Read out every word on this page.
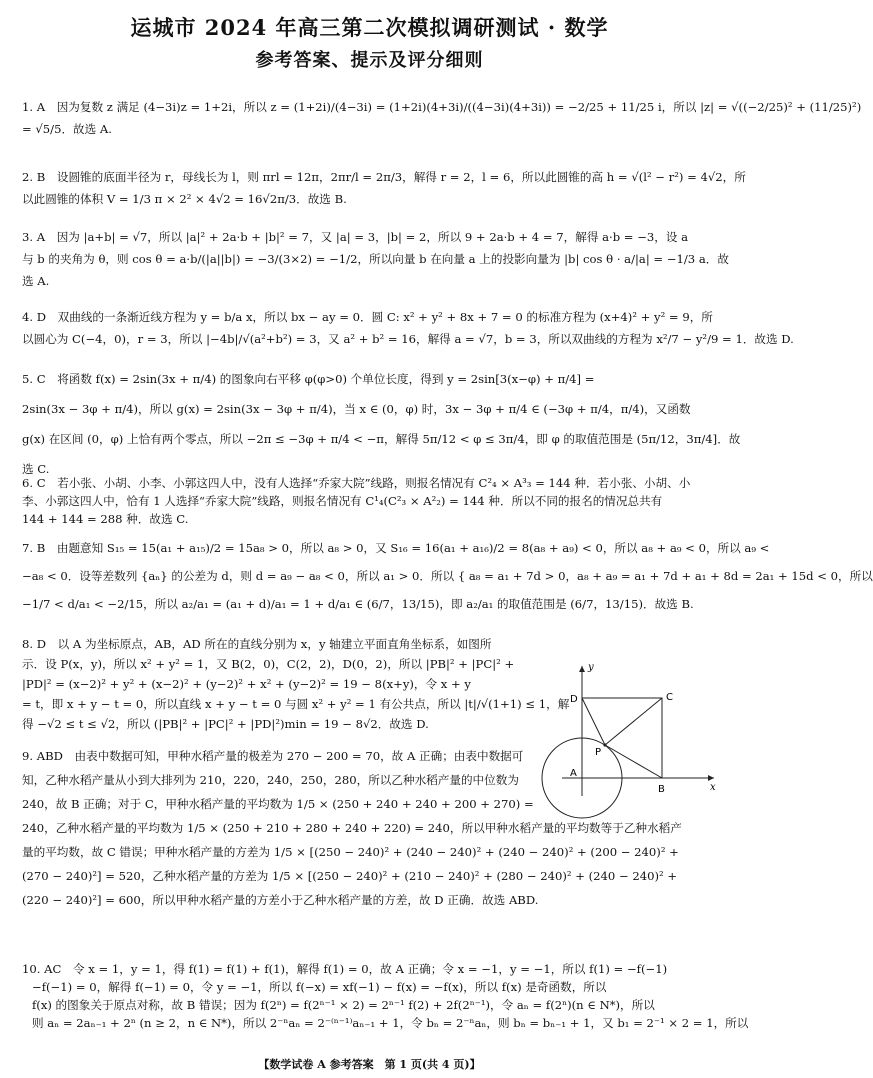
运城市 2024 年高三第二次模拟调研测试 · 数学
参考答案、提示及评分细则
1. A　因为复数 z 满足 (4−3i)z = 1+2i，所以 z = (1+2i)/(4−3i) = (1+2i)(4+3i)/((4−3i)(4+3i)) = −2/25 + 11/25 i，所以 |z| = √((−2/25)² + (11/25)²)
= √5/5．故选 A.
2. B　设圆锥的底面半径为 r，母线长为 l，则 πrl = 12π，2πr/l = 2π/3，解得 r = 2，l = 6，所以此圆锥的高 h = √(l² − r²) = 4√2，所
以此圆锥的体积 V = 1/3 π × 2² × 4√2 = 16√2π/3．故选 B.
3. A　因为 |a+b| = √7，所以 |a|² + 2a·b + |b|² = 7，又 |a| = 3，|b| = 2，所以 9 + 2a·b + 4 = 7，解得 a·b = −3，设 a
与 b 的夹角为 θ，则 cos θ = a·b/(|a||b|) = −3/(3×2) = −1/2，所以向量 b 在向量 a 上的投影向量为 |b| cos θ · a/|a| = −1/3 a．故
选 A.
4. D　双曲线的一条渐近线方程为 y = b/a x，所以 bx − ay = 0．圆 C: x² + y² + 8x + 7 = 0 的标准方程为 (x+4)² + y² = 9，所
以圆心为 C(−4，0)，r = 3，所以 |−4b|/√(a²+b²) = 3，又 a² + b² = 16，解得 a = √7，b = 3，所以双曲线的方程为 x²/7 − y²/9 = 1．故选 D.
5. C　将函数 f(x) = 2sin(3x + π/4) 的图象向右平移 φ(φ>0) 个单位长度，得到 y = 2sin[3(x−φ) + π/4] =
2sin(3x − 3φ + π/4)，所以 g(x) = 2sin(3x − 3φ + π/4)，当 x ∈ (0，φ) 时，3x − 3φ + π/4 ∈ (−3φ + π/4，π/4)，又函数
g(x) 在区间 (0，φ) 上恰有两个零点，所以 −2π ≤ −3φ + π/4 < −π，解得 5π/12 < φ ≤ 3π/4，即 φ 的取值范围是 (5π/12，3π/4]．故
选 C.
6. C　若小张、小胡、小李、小郭这四人中，没有人选择“乔家大院”线路，则报名情况有 C²₄ × A³₃ = 144 种．若小张、小胡、小
李、小郭这四人中，恰有 1 人选择“乔家大院”线路，则报名情况有 C¹₄(C²₃ × A²₂) = 144 种．所以不同的报名的情况总共有
144 + 144 = 288 种．故选 C.
7. B　由题意知 S₁₅ = 15(a₁ + a₁₅)/2 = 15a₈ > 0，所以 a₈ > 0，又 S₁₆ = 16(a₁ + a₁₆)/2 = 8(a₈ + a₉) < 0，所以 a₈ + a₉ < 0，所以 a₉ <
−a₈ < 0．设等差数列 {aₙ} 的公差为 d，则 d = a₉ − a₈ < 0，所以 a₁ > 0．所以 { a₈ = a₁ + 7d > 0，a₈ + a₉ = a₁ + 7d + a₁ + 8d = 2a₁ + 15d < 0，所以
−1/7 < d/a₁ < −2/15，所以 a₂/a₁ = (a₁ + d)/a₁ = 1 + d/a₁ ∈ (6/7，13/15)，即 a₂/a₁ 的取值范围是 (6/7，13/15)．故选 B.
8. D　以 A 为坐标原点，AB，AD 所在的直线分别为 x，y 轴建立平面直角坐标系，如图所
示．设 P(x，y)，所以 x² + y² = 1，又 B(2，0)，C(2，2)，D(0，2)，所以 |PB|² + |PC|² +
|PD|² = (x−2)² + y² + (x−2)² + (y−2)² + x² + (y−2)² = 19 − 8(x+y)，令 x + y
= t，即 x + y − t = 0，所以直线 x + y − t = 0 与圆 x² + y² = 1 有公共点，所以 |t|/√(1+1) ≤ 1，解
得 −√2 ≤ t ≤ √2，所以 (|PB|² + |PC|² + |PD|²)min = 19 − 8√2．故选 D.
9. ABD　由表中数据可知，甲种水稻产量的极差为 270 − 200 = 70，故 A 正确；由表中数据可
知，乙种水稻产量从小到大排列为 210，220，240，250，280，所以乙种水稻产量的中位数为
240，故 B 正确；对于 C，甲种水稻产量的平均数为 1/5 × (250 + 240 + 240 + 200 + 270) =
240，乙种水稻产量的平均数为 1/5 × (250 + 210 + 280 + 240 + 220) = 240，所以甲种水稻产量的平均数等于乙种水稻产
量的平均数，故 C 错误；甲种水稻产量的方差为 1/5 × [(250 − 240)² + (240 − 240)² + (240 − 240)² + (200 − 240)² +
(270 − 240)²] = 520，乙种水稻产量的方差为 1/5 × [(250 − 240)² + (210 − 240)² + (280 − 240)² + (240 − 240)² +
(220 − 240)²] = 600，所以甲种水稻产量的方差小于乙种水稻产量的方差，故 D 正确．故选 ABD.
10. AC　令 x = 1，y = 1，得 f(1) = f(1) + f(1)，解得 f(1) = 0，故 A 正确；令 x = −1，y = −1，所以 f(1) = −f(−1)
−f(−1) = 0，解得 f(−1) = 0，令 y = −1，所以 f(−x) = xf(−1) − f(x) = −f(x)，所以 f(x) 是奇函数，所以
f(x) 的图象关于原点对称，故 B 错误；因为 f(2ⁿ) = f(2ⁿ⁻¹ × 2) = 2ⁿ⁻¹ f(2) + 2f(2ⁿ⁻¹)，令 aₙ = f(2ⁿ)(n ∈ N*)，所以
则 aₙ = 2aₙ₋₁ + 2ⁿ (n ≥ 2，n ∈ N*)，所以 2⁻ⁿaₙ = 2⁻⁽ⁿ⁻¹⁾aₙ₋₁ + 1，令 bₙ = 2⁻ⁿaₙ，则 bₙ = bₙ₋₁ + 1，又 b₁ = 2⁻¹ × 2 = 1，所以
y
x
D	C
P
A
B
【数学试卷 A 参考答案　第 1 页(共 4 页)】
